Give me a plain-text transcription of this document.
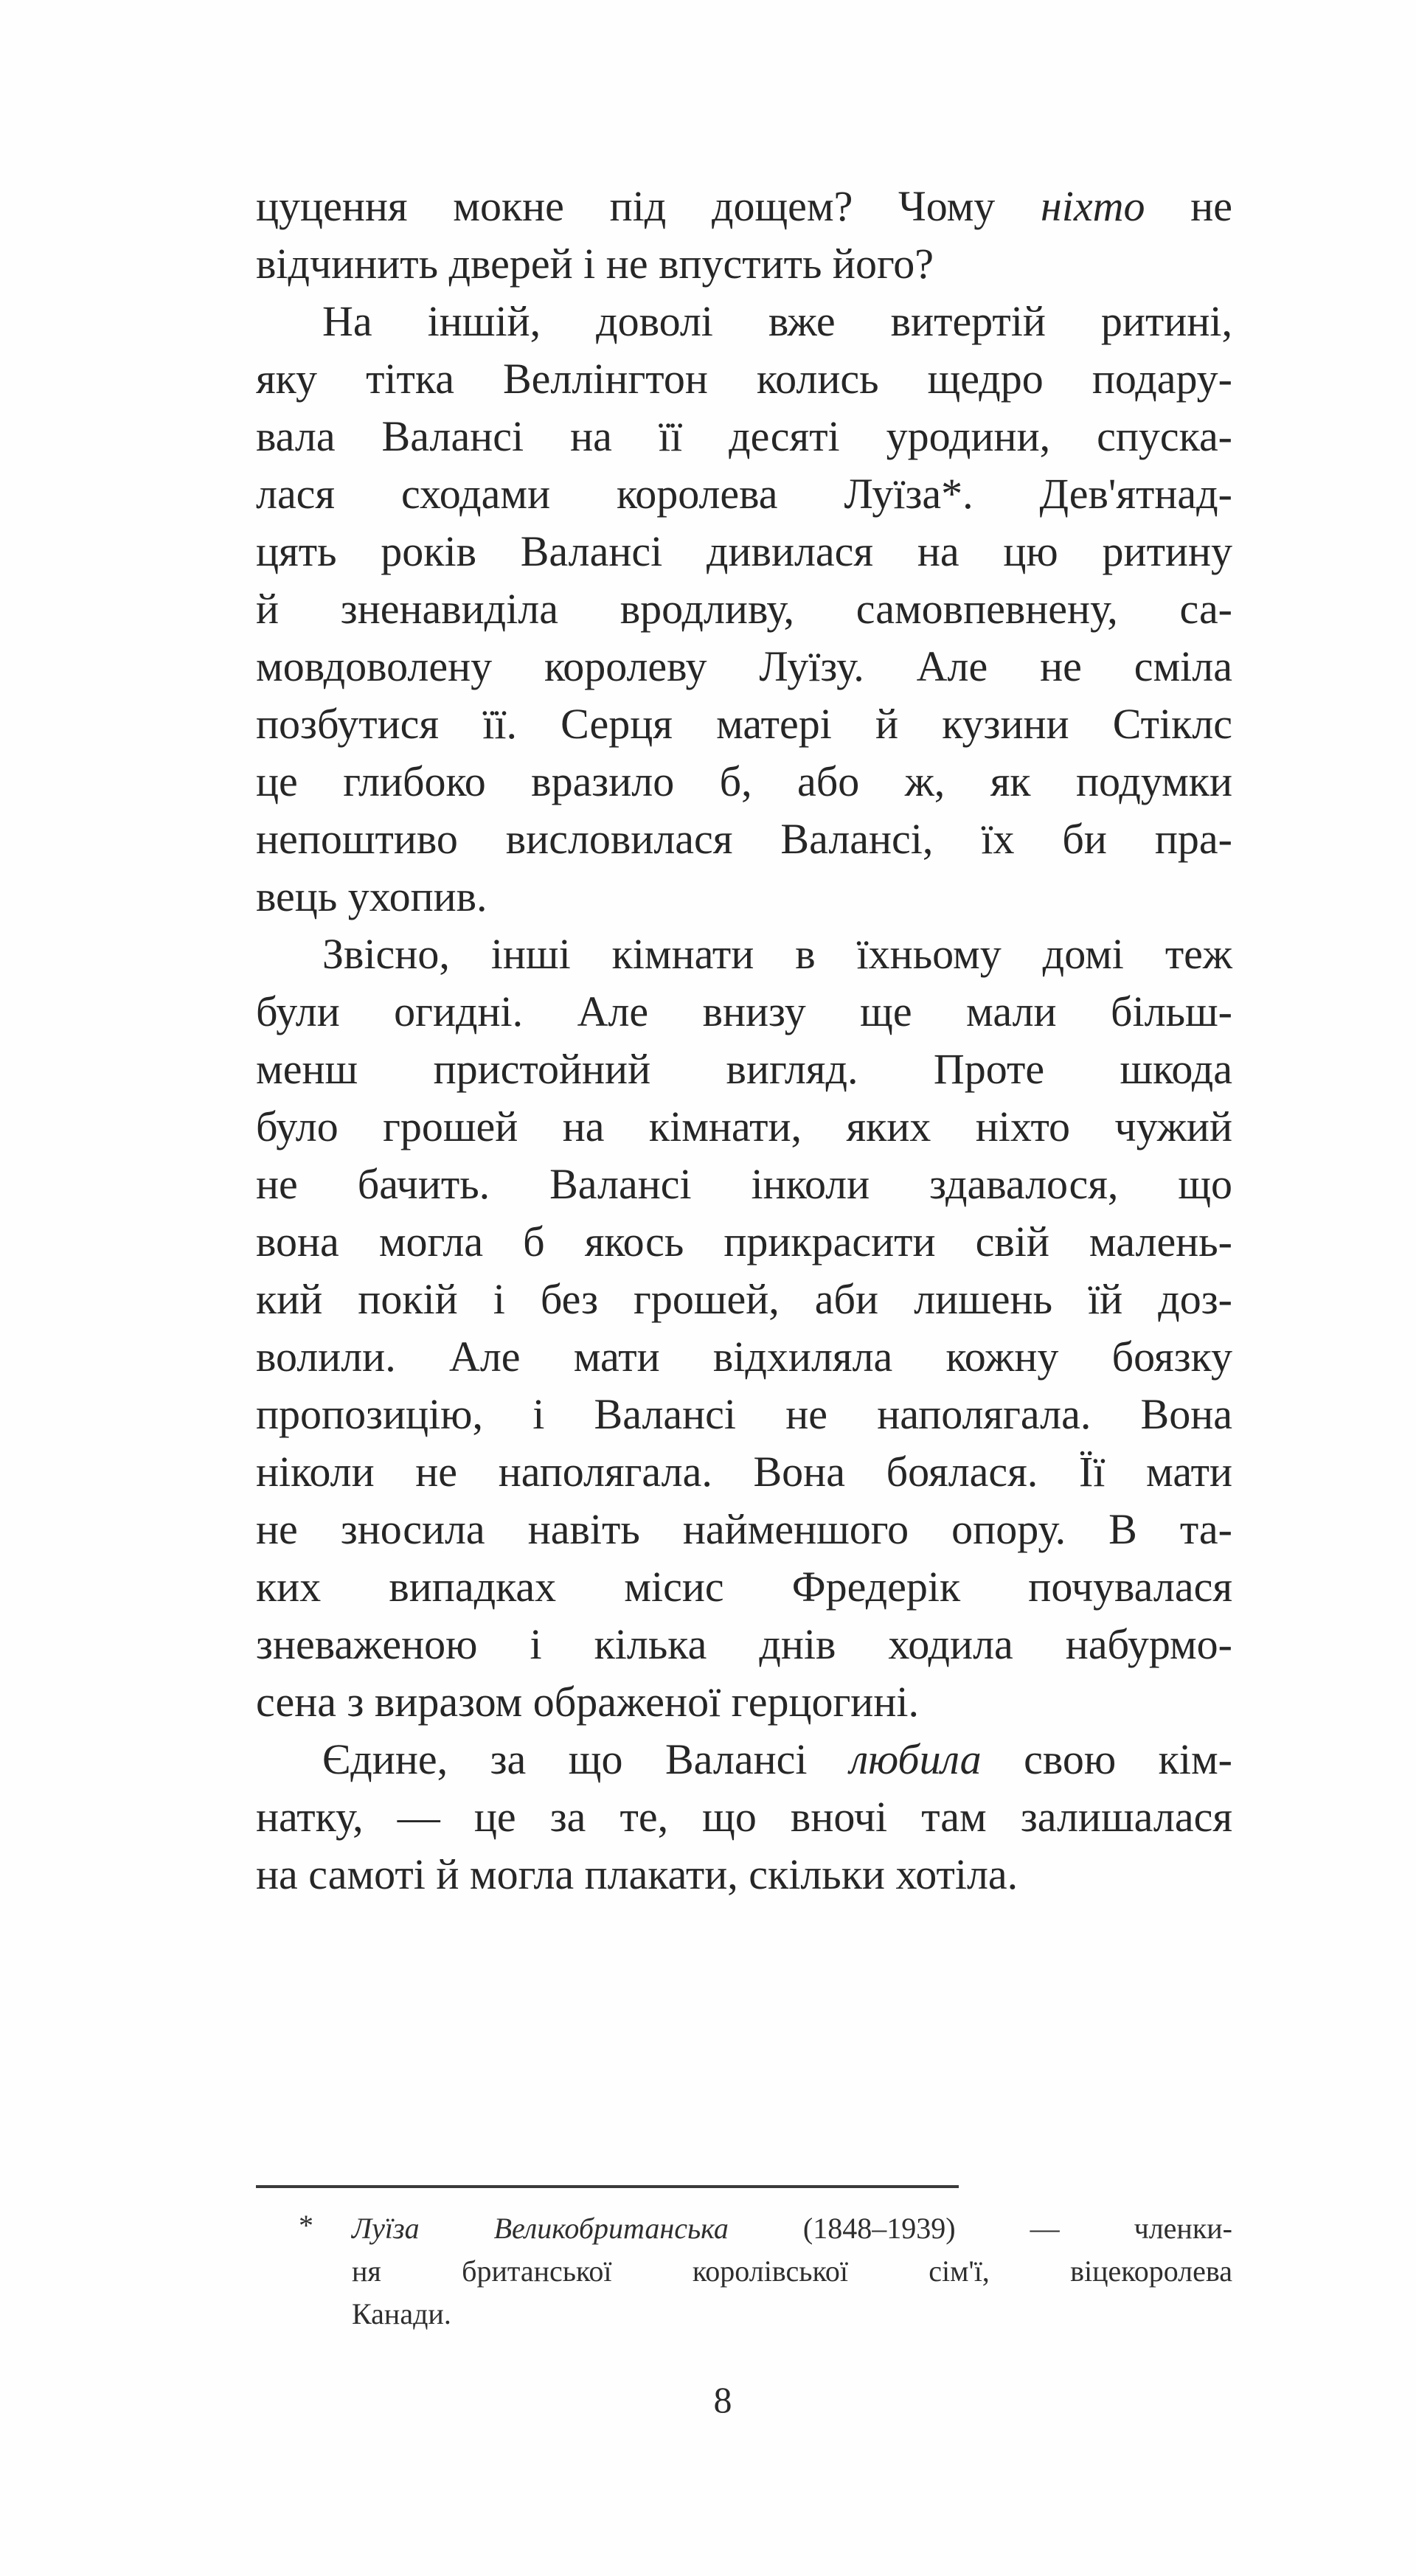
цуцення мокне під дощем? Чому ніхто не
відчинить дверей і не впустить його?
На іншій, доволі вже витертій ритині,
яку тітка Веллінгтон колись щедро подару-
вала Валансі на її десяті уродини, спуска-
лася сходами королева Луїза*. Дев'ятнад-
цять років Валансі дивилася на цю ритину
й зненавиділа вродливу, самовпевнену, са-
мовдоволену королеву Луїзу. Але не сміла
позбутися її. Серця матері й кузини Стіклс
це глибоко вразило б, або ж, як подумки
непоштиво висловилася Валансі, їх би пра-
вець ухопив.
Звісно, інші кімнати в їхньому домі теж
були огидні. Але внизу ще мали більш-
менш пристойний вигляд. Проте шкода
було грошей на кімнати, яких ніхто чужий
не бачить. Валансі інколи здавалося, що
вона могла б якось прикрасити свій малень-
кий покій і без грошей, аби лишень їй доз-
волили. Але мати відхиляла кожну боязку
пропозицію, і Валансі не наполягала. Вона
ніколи не наполягала. Вона боялася. Її мати
не зносила навіть найменшого опору. В та-
ких випадках місис Фредерік почувалася
зневаженою і кілька днів ходила набурмо-
сена з виразом ображеної герцогині.
Єдине, за що Валансі любила свою кім-
натку, — це за те, що вночі там залишалася
на самоті й могла плакати, скільки хотіла.
* Луїза Великобританська (1848–1939) — членки-
ня британської королівської сім'ї, віцекоролева
Канади.
8
